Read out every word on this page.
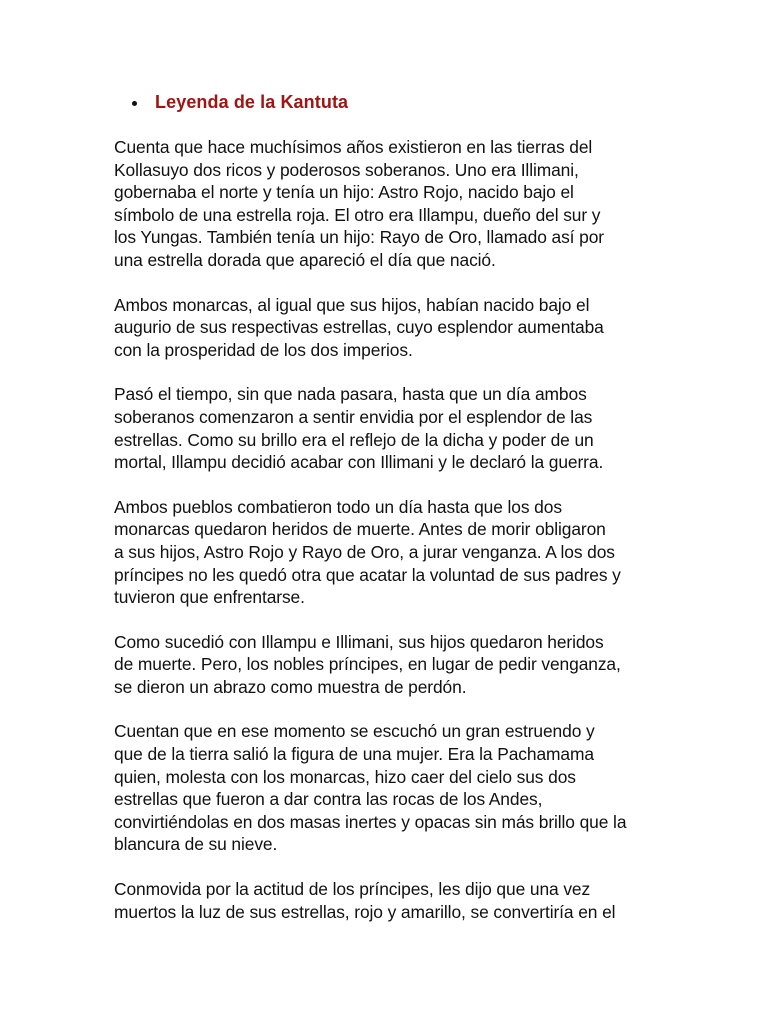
Leyenda de la Kantuta

Cuenta que hace muchísimos años existieron en las tierras del
Kollasuyo dos ricos y poderosos soberanos. Uno era Illimani,
gobernaba el norte y tenía un hijo: Astro Rojo, nacido bajo el
símbolo de una estrella roja. El otro era Illampu, dueño del sur y
los Yungas. También tenía un hijo: Rayo de Oro, llamado así por
una estrella dorada que apareció el día que nació.

Ambos monarcas, al igual que sus hijos, habían nacido bajo el
augurio de sus respectivas estrellas, cuyo esplendor aumentaba
con la prosperidad de los dos imperios.

Pasó el tiempo, sin que nada pasara, hasta que un día ambos
soberanos comenzaron a sentir envidia por el esplendor de las
estrellas. Como su brillo era el reflejo de la dicha y poder de un
mortal, Illampu decidió acabar con Illimani y le declaró la guerra.

Ambos pueblos combatieron todo un día hasta que los dos
monarcas quedaron heridos de muerte. Antes de morir obligaron
a sus hijos, Astro Rojo y Rayo de Oro, a jurar venganza. A los dos
príncipes no les quedó otra que acatar la voluntad de sus padres y
tuvieron que enfrentarse.

Como sucedió con Illampu e Illimani, sus hijos quedaron heridos
de muerte. Pero, los nobles príncipes, en lugar de pedir venganza,
se dieron un abrazo como muestra de perdón.

Cuentan que en ese momento se escuchó un gran estruendo y
que de la tierra salió la figura de una mujer. Era la Pachamama
quien, molesta con los monarcas, hizo caer del cielo sus dos
estrellas que fueron a dar contra las rocas de los Andes,
convirtiéndolas en dos masas inertes y opacas sin más brillo que la
blancura de su nieve.

Conmovida por la actitud de los príncipes, les dijo que una vez
muertos la luz de sus estrellas, rojo y amarillo, se convertiría en el
